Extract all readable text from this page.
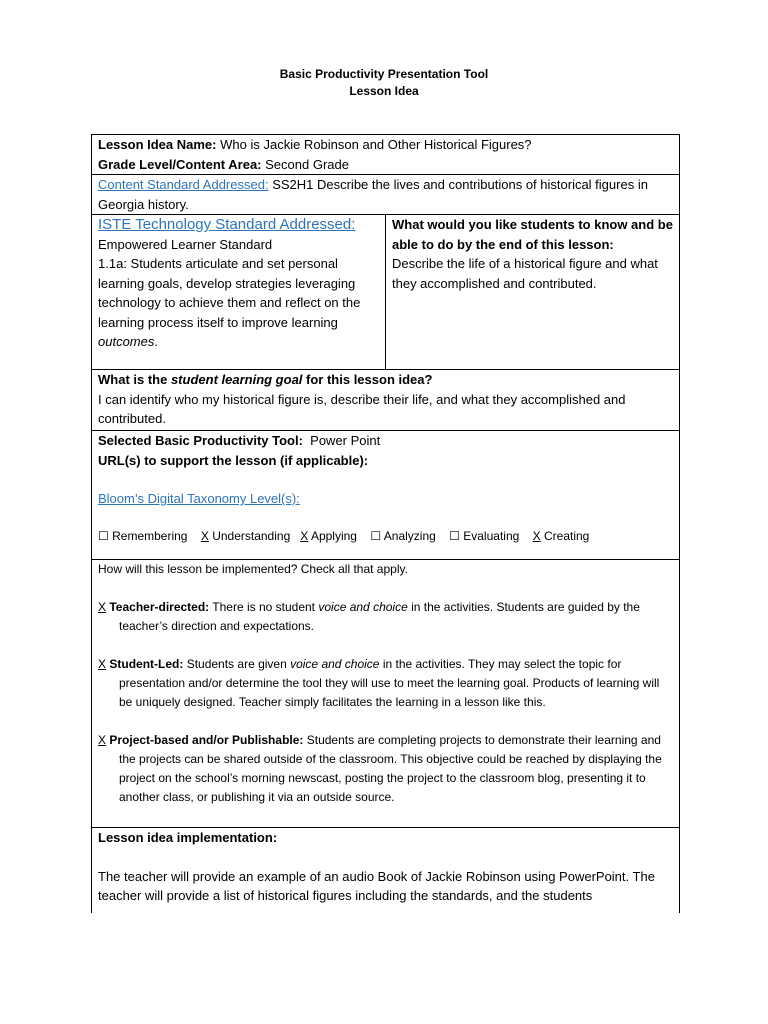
Basic Productivity Presentation Tool
Lesson Idea
Lesson Idea Name: Who is Jackie Robinson and Other Historical Figures?
Grade Level/Content Area: Second Grade

Content Standard Addressed: SS2H1 Describe the lives and contributions of historical figures in Georgia history.

ISTE Technology Standard Addressed:
Empowered Learner Standard
1.1a: Students articulate and set personal learning goals, develop strategies leveraging technology to achieve them and reflect on the learning process itself to improve learning outcomes.

What would you like students to know and be able to do by the end of this lesson:
Describe the life of a historical figure and what they accomplished and contributed.

What is the student learning goal for this lesson idea?
I can identify who my historical figure is, describe their life, and what they accomplished and contributed.

Selected Basic Productivity Tool: Power Point
URL(s) to support the lesson (if applicable):
Bloom’s Digital Taxonomy Level(s):
☐ Remembering X Understanding X Applying ☐ Analyzing ☐ Evaluating X Creating

How will this lesson be implemented? Check all that apply.
X Teacher-directed: There is no student voice and choice in the activities. Students are guided by the teacher’s direction and expectations.
X Student-Led: Students are given voice and choice in the activities. They may select the topic for presentation and/or determine the tool they will use to meet the learning goal. Products of learning will be uniquely designed. Teacher simply facilitates the learning in a lesson like this.
X Project-based and/or Publishable: Students are completing projects to demonstrate their learning and the projects can be shared outside of the classroom. This objective could be reached by displaying the project on the school’s morning newscast, posting the project to the classroom blog, presenting it to another class, or publishing it via an outside source.

Lesson idea implementation:
The teacher will provide an example of an audio Book of Jackie Robinson using PowerPoint. The teacher will provide a list of historical figures including the standards, and the students
